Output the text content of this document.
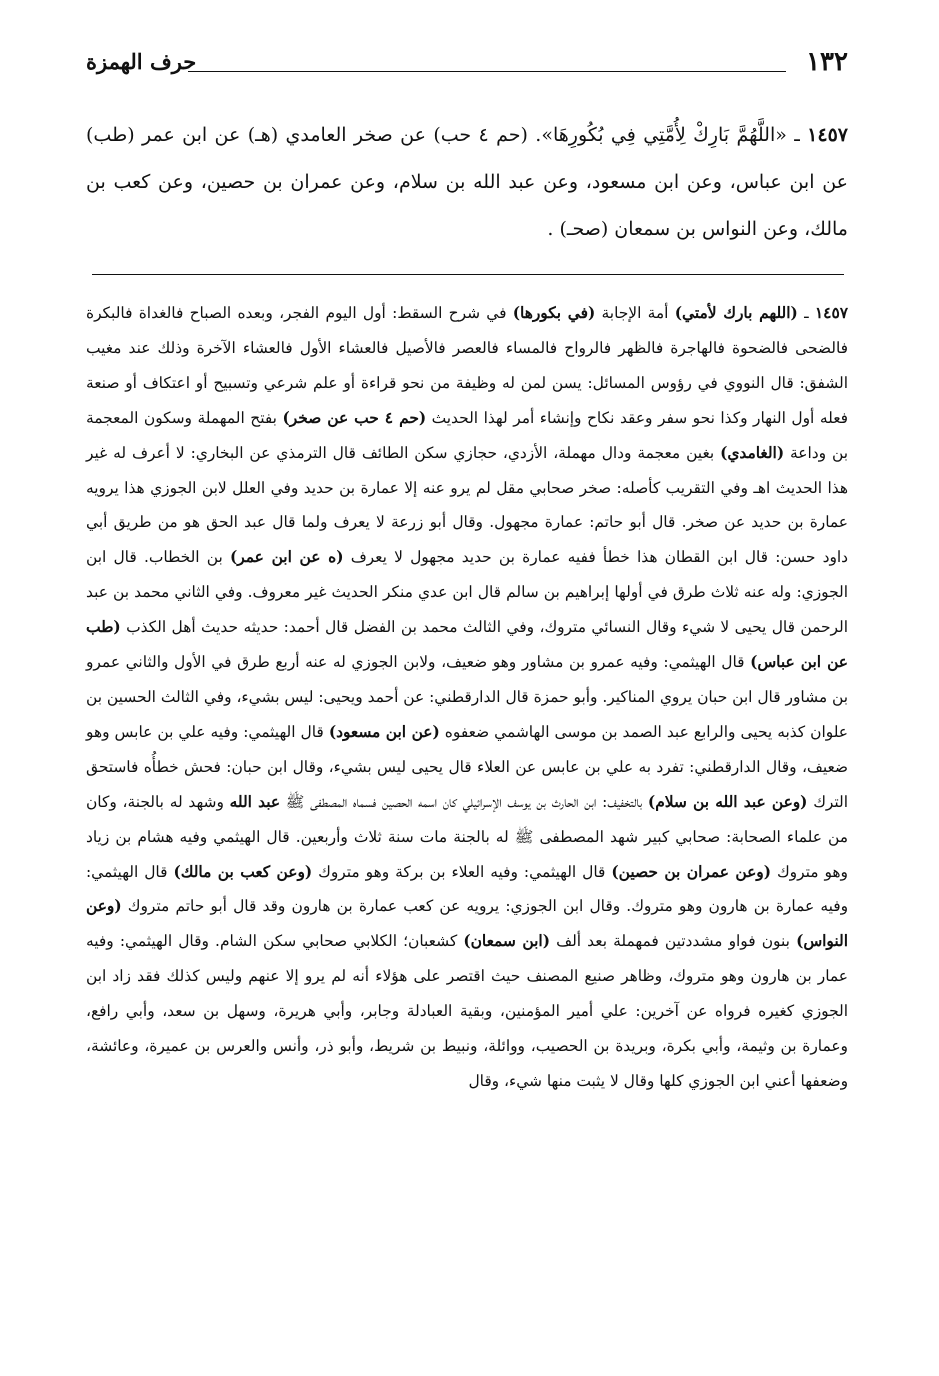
١٣٢
حرف الهمزة
١٤٥٧ ـ «اللَّهُمَّ بَارِكْ لِأُمَّتِي فِي بُكُورِهَا». (حم ٤ حب) عن صخر العامدي (هـ) عن ابن عمر (طب) عن ابن عباس، وعن ابن مسعود، وعن عبد الله بن سلام، وعن عمران بن حصين، وعن كعب بن مالك، وعن النواس بن سمعان (صحـ) .
١٤٥٧ ـ (اللهم بارك لأمتي) أمة الإجابة (في بكورها) في شرح السقط: أول اليوم الفجر، وبعده الصباح فالغداة فالبكرة فالضحى فالضحوة فالهاجرة فالظهر فالرواح فالمساء فالعصر فالأصيل فالعشاء الأول فالعشاء الآخرة وذلك عند مغيب الشفق: قال النووي في رؤوس المسائل: يسن لمن له وظيفة من نحو قراءة أو علم شرعي وتسبيح أو اعتكاف أو صنعة فعله أول النهار وكذا نحو سفر وعقد نكاح وإنشاء أمر لهذا الحديث (حم ٤ حب عن صخر) بفتح المهملة وسكون المعجمة بن وداعة (الغامدي) بغين معجمة ودال مهملة، الأزدي، حجازي سكن الطائف قال الترمذي عن البخاري: لا أعرف له غير هذا الحديث اهـ وفي التقريب كأصله: صخر صحابي مقل لم يرو عنه إلا عمارة بن حديد وفي العلل لابن الجوزي هذا يرويه عمارة بن حديد عن صخر. قال أبو حاتم: عمارة مجهول. وقال أبو زرعة لا يعرف ولما قال عبد الحق هو من طريق أبي داود حسن: قال ابن القطان هذا خطأ ففيه عمارة بن حديد مجهول لا يعرف (ه عن ابن عمر) بن الخطاب. قال ابن الجوزي: وله عنه ثلاث طرق في أولها إبراهيم بن سالم قال ابن عدي منكر الحديث غير معروف. وفي الثاني محمد بن عبد الرحمن قال يحيى لا شيء وقال النسائي متروك، وفي الثالث محمد بن الفضل قال أحمد: حديثه حديث أهل الكذب (طب عن ابن عباس) قال الهيثمي: وفيه عمرو بن مشاور وهو ضعيف، ولابن الجوزي له عنه أربع طرق في الأول والثاني عمرو بن مشاور قال ابن حبان يروي المناكير. وأبو حمزة قال الدارقطني: عن أحمد ويحيى: ليس بشيء، وفي الثالث الحسين بن علوان كذبه يحيى والرابع عبد الصمد بن موسى الهاشمي ضعفوه (عن ابن مسعود) قال الهيثمي: وفيه علي بن عابس وهو ضعيف، وقال الدارقطني: تفرد به علي بن عابس عن العلاء قال يحيى ليس بشيء، وقال ابن حبان: فحش خطأُه فاستحق الترك (وعن عبد الله بن سلام) بالتخفيف: ابن الحارث بن يوسف الإسرائيلي كان اسمه الحصين فسماه المصطفى ﷺ عبد الله وشهد له بالجنة، وكان من علماء الصحابة: صحابي كبير شهد المصطفى ﷺ له بالجنة مات سنة ثلاث وأربعين. قال الهيثمي وفيه هشام بن زياد وهو متروك (وعن عمران بن حصين) قال الهيثمي: وفيه العلاء بن بركة وهو متروك (وعن كعب بن مالك) قال الهيثمي: وفيه عمارة بن هارون وهو متروك. وقال ابن الجوزي: يرويه عن كعب عمارة بن هارون وقد قال أبو حاتم متروك (وعن النواس) بنون فواو مشددتين فمهملة بعد ألف (ابن سمعان) كشعبان؛ الكلابي صحابي سكن الشام. وقال الهيثمي: وفيه عمار بن هارون وهو متروك، وظاهر صنيع المصنف حيث اقتصر على هؤلاء أنه لم يرو إلا عنهم وليس كذلك فقد زاد ابن الجوزي كغيره فرواه عن آخرين: علي أمير المؤمنين، وبقية العبادلة وجابر، وأبي هريرة، وسهل بن سعد، وأبي رافع، وعمارة بن وثيمة، وأبي بكرة، وبريدة بن الحصيب، ووائلة، ونبيط بن شريط، وأبو ذر، وأنس والعرس بن عميرة، وعائشة، وضعفها أعني ابن الجوزي كلها وقال لا يثبت منها شيء، وقال
